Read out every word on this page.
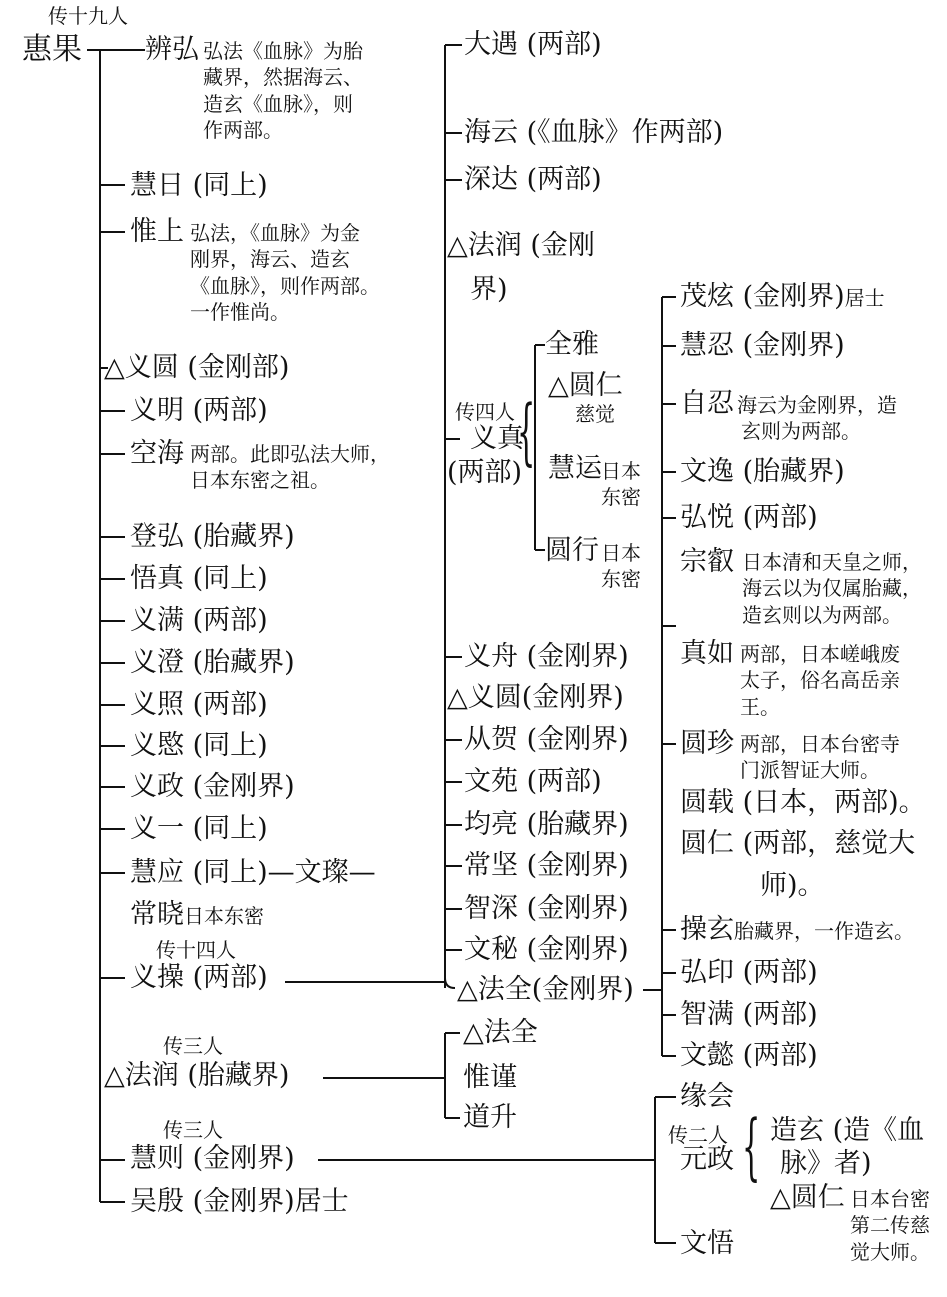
传十九人
惠果 辨弘 弘法《血脉》为胎
藏界，然据海云、
造玄《血脉》，则
作两部。
慧日 (同上)
惟上 弘法，《血脉》为金
刚界，海云、造玄
《血脉》，则作两部。
一作惟尚。
△义圆 (金刚部)
义明 (两部)
空海 两部。此即弘法大师，
日本东密之祖。
登弘 (胎藏界)
悟真 (同上)
义满 (两部)
义澄 (胎藏界)
义照 (两部)
义愍 (同上)
义政 (金刚界)
义一 (同上)
慧应 (同上)—文璨—
常晓日本东密
传十四人
义操 (两部)
传三人
△法润 (胎藏界)
传三人
慧则 (金刚界)
吴殷 (金刚界)居士
大遇 (两部)
海云 (《血脉》作两部)
深达 (两部)
△法润 (金刚
界)
传四人
义真
(两部)
{
全雅
△圆仁
慈觉
慧运 日本
东密
圆行 日本
东密
义舟 (金刚界)
△义圆(金刚界)
从贺 (金刚界)
文苑 (两部)
均亮 (胎藏界)
常坚 (金刚界)
智深 (金刚界)
文秘 (金刚界)
△法全(金刚界)
茂炫 (金刚界)居士
慧忍 (金刚界)
自忍 海云为金刚界，造
玄则为两部。
文逸 (胎藏界)
弘悦 (两部)
宗叡 日本清和天皇之师，
海云以为仅属胎藏，
造玄则以为两部。
真如 两部，日本嵯峨废
太子，俗名高岳亲
王。
圆珍 两部，日本台密寺
门派智证大师。
圆载 (日本，两部)。
圆仁 (两部，慈觉大
师)。
操玄胎藏界，一作造玄。
弘印 (两部)
智满 (两部)
文懿 (两部)
△法全
惟谨
道升
缘会
传二人
元政 { 造玄 (造《血
脉》者)
△圆仁 日本台密
第二传慈
觉大师。
文悟
